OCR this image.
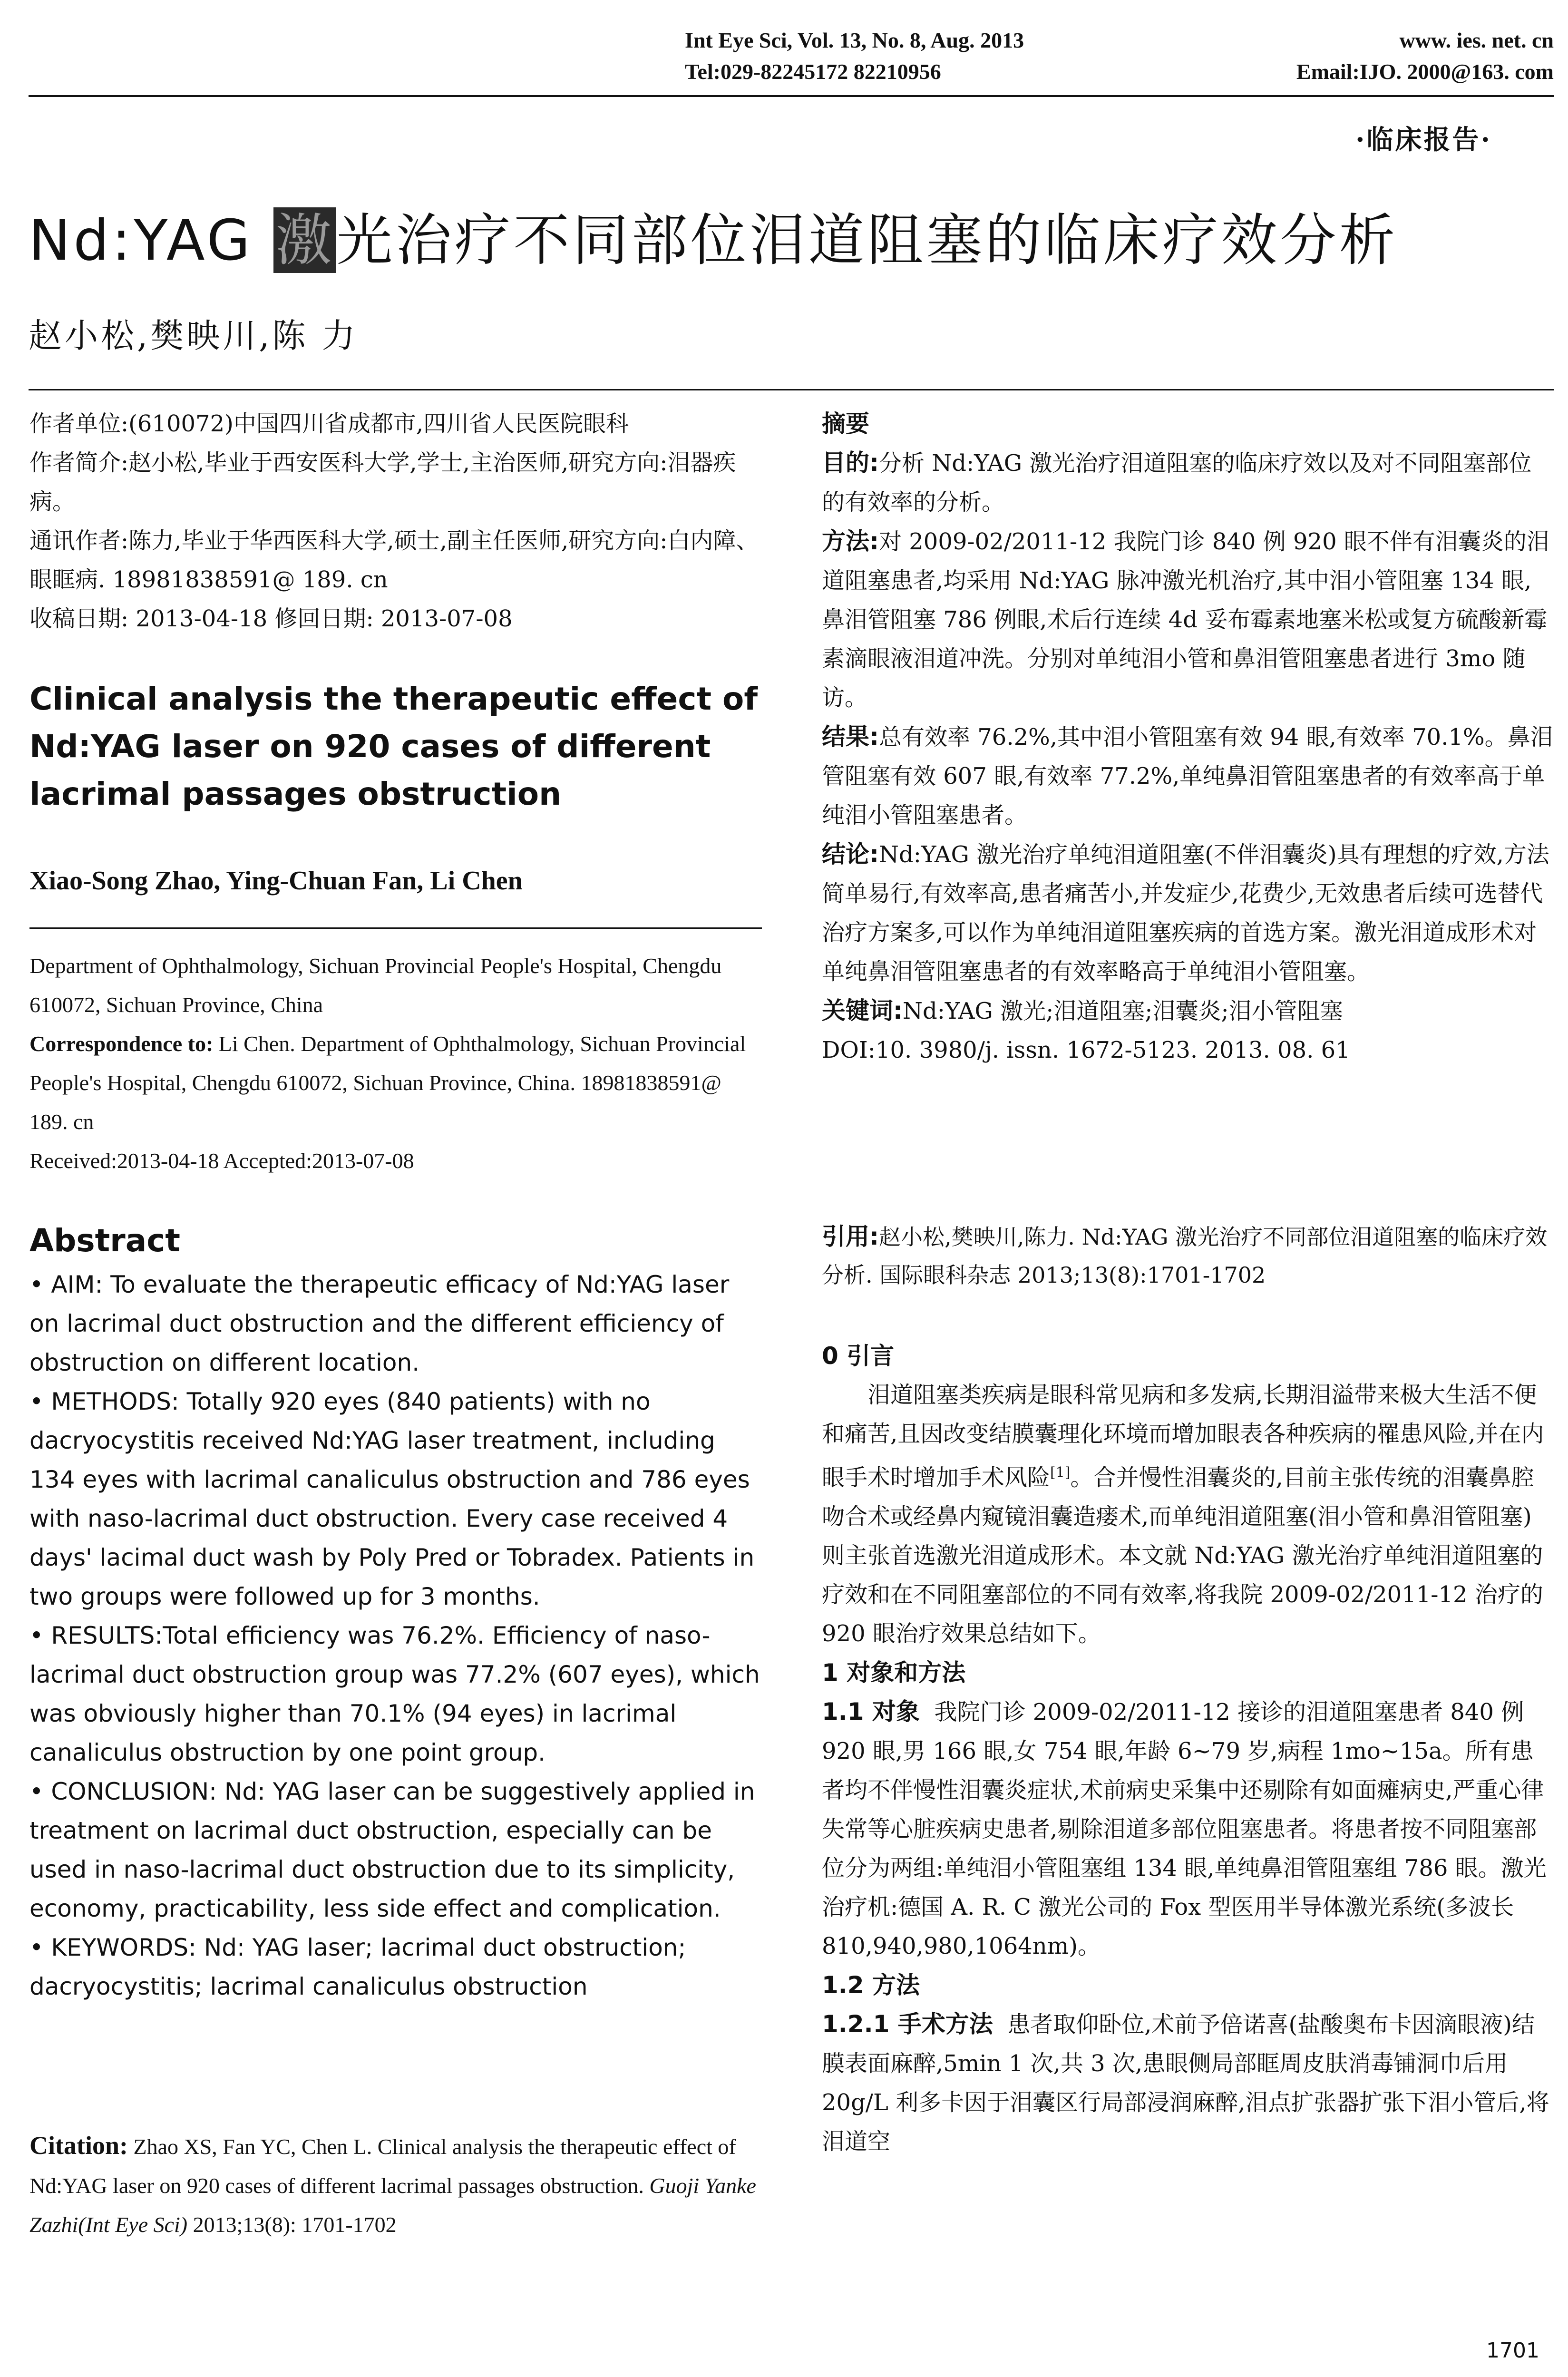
Int Eye Sci, Vol. 13, No. 8, Aug. 2013	www. ies. net. cn
Tel:029-82245172 82210956	Email:IJO. 2000@163. com
·临床报告·
Nd:YAG 激光治疗不同部位泪道阻塞的临床疗效分析
赵小松,樊映川,陈 力

作者单位:(610072)中国四川省成都市,四川省人民医院眼科

作者简介:赵小松,毕业于西安医科大学,学士,主治医师,研究方向:泪器疾病。

通讯作者:陈力,毕业于华西医科大学,硕士,副主任医师,研究方向:白内障、眼眶病. 18981838591@ 189. cn

收稿日期: 2013-04-18 修回日期: 2013-07-08

Clinical analysis the therapeutic effect of Nd:YAG laser on 920 cases of different lacrimal passages obstruction
Xiao-Song Zhao, Ying-Chuan Fan, Li Chen

Department of Ophthalmology, Sichuan Provincial People's Hospital, Chengdu 610072, Sichuan Province, China

Correspondence to: Li Chen. Department of Ophthalmology, Sichuan Provincial People's Hospital, Chengdu 610072, Sichuan Province, China. 18981838591@ 189. cn

Received:2013-04-18 Accepted:2013-07-08

Abstract

• AIM: To evaluate the therapeutic efficacy of Nd:YAG laser on lacrimal duct obstruction and the different efficiency of obstruction on different location.

• METHODS: Totally 920 eyes (840 patients) with no dacryocystitis received Nd:YAG laser treatment, including 134 eyes with lacrimal canaliculus obstruction and 786 eyes with naso-lacrimal duct obstruction. Every case received 4 days' lacimal duct wash by Poly Pred or Tobradex. Patients in two groups were followed up for 3 months.

• RESULTS:Total efficiency was 76.2%. Efficiency of naso-lacrimal duct obstruction group was 77.2% (607 eyes), which was obviously higher than 70.1% (94 eyes) in lacrimal canaliculus obstruction by one point group.

• CONCLUSION: Nd: YAG laser can be suggestively applied in treatment on lacrimal duct obstruction, especially can be used in naso-lacrimal duct obstruction due to its simplicity, economy, practicability, less side effect and complication.

• KEYWORDS: Nd: YAG laser; lacrimal duct obstruction; dacryocystitis; lacrimal canaliculus obstruction

Citation: Zhao XS, Fan YC, Chen L. Clinical analysis the therapeutic effect of Nd:YAG laser on 920 cases of different lacrimal passages obstruction. Guoji Yanke Zazhi(Int Eye Sci) 2013;13(8): 1701-1702

摘要

目的:分析 Nd:YAG 激光治疗泪道阻塞的临床疗效以及对不同阻塞部位的有效率的分析。

方法:对 2009-02/2011-12 我院门诊 840 例 920 眼不伴有泪囊炎的泪道阻塞患者,均采用 Nd:YAG 脉冲激光机治疗,其中泪小管阻塞 134 眼,鼻泪管阻塞 786 例眼,术后行连续 4d 妥布霉素地塞米松或复方硫酸新霉素滴眼液泪道冲洗。分别对单纯泪小管和鼻泪管阻塞患者进行 3mo 随访。

结果:总有效率 76.2%,其中泪小管阻塞有效 94 眼,有效率 70.1%。鼻泪管阻塞有效 607 眼,有效率 77.2%,单纯鼻泪管阻塞患者的有效率高于单纯泪小管阻塞患者。

结论:Nd:YAG 激光治疗单纯泪道阻塞(不伴泪囊炎)具有理想的疗效,方法简单易行,有效率高,患者痛苦小,并发症少,花费少,无效患者后续可选替代治疗方案多,可以作为单纯泪道阻塞疾病的首选方案。激光泪道成形术对单纯鼻泪管阻塞患者的有效率略高于单纯泪小管阻塞。

关键词:Nd:YAG 激光;泪道阻塞;泪囊炎;泪小管阻塞

DOI:10. 3980/j. issn. 1672-5123. 2013. 08. 61

引用:赵小松,樊映川,陈力. Nd:YAG 激光治疗不同部位泪道阻塞的临床疗效分析. 国际眼科杂志 2013;13(8):1701-1702

0 引言

泪道阻塞类疾病是眼科常见病和多发病,长期泪溢带来极大生活不便和痛苦,且因改变结膜囊理化环境而增加眼表各种疾病的罹患风险,并在内眼手术时增加手术风险[1]。合并慢性泪囊炎的,目前主张传统的泪囊鼻腔吻合术或经鼻内窥镜泪囊造瘘术,而单纯泪道阻塞(泪小管和鼻泪管阻塞)则主张首选激光泪道成形术。本文就 Nd:YAG 激光治疗单纯泪道阻塞的疗效和在不同阻塞部位的不同有效率,将我院 2009-02/2011-12 治疗的 920 眼治疗效果总结如下。

1 对象和方法

1.1 对象 我院门诊 2009-02/2011-12 接诊的泪道阻塞患者 840 例 920 眼,男 166 眼,女 754 眼,年龄 6~79 岁,病程 1mo~15a。所有患者均不伴慢性泪囊炎症状,术前病史采集中还剔除有如面瘫病史,严重心律失常等心脏疾病史患者,剔除泪道多部位阻塞患者。将患者按不同阻塞部位分为两组:单纯泪小管阻塞组 134 眼,单纯鼻泪管阻塞组 786 眼。激光治疗机:德国 A. R. C 激光公司的 Fox 型医用半导体激光系统(多波长 810,940,980,1064nm)。

1.2 方法

1.2.1 手术方法 患者取仰卧位,术前予倍诺喜(盐酸奥布卡因滴眼液)结膜表面麻醉,5min 1 次,共 3 次,患眼侧局部眶周皮肤消毒铺洞巾后用 20g/L 利多卡因于泪囊区行局部浸润麻醉,泪点扩张器扩张下泪小管后,将泪道空

1701
